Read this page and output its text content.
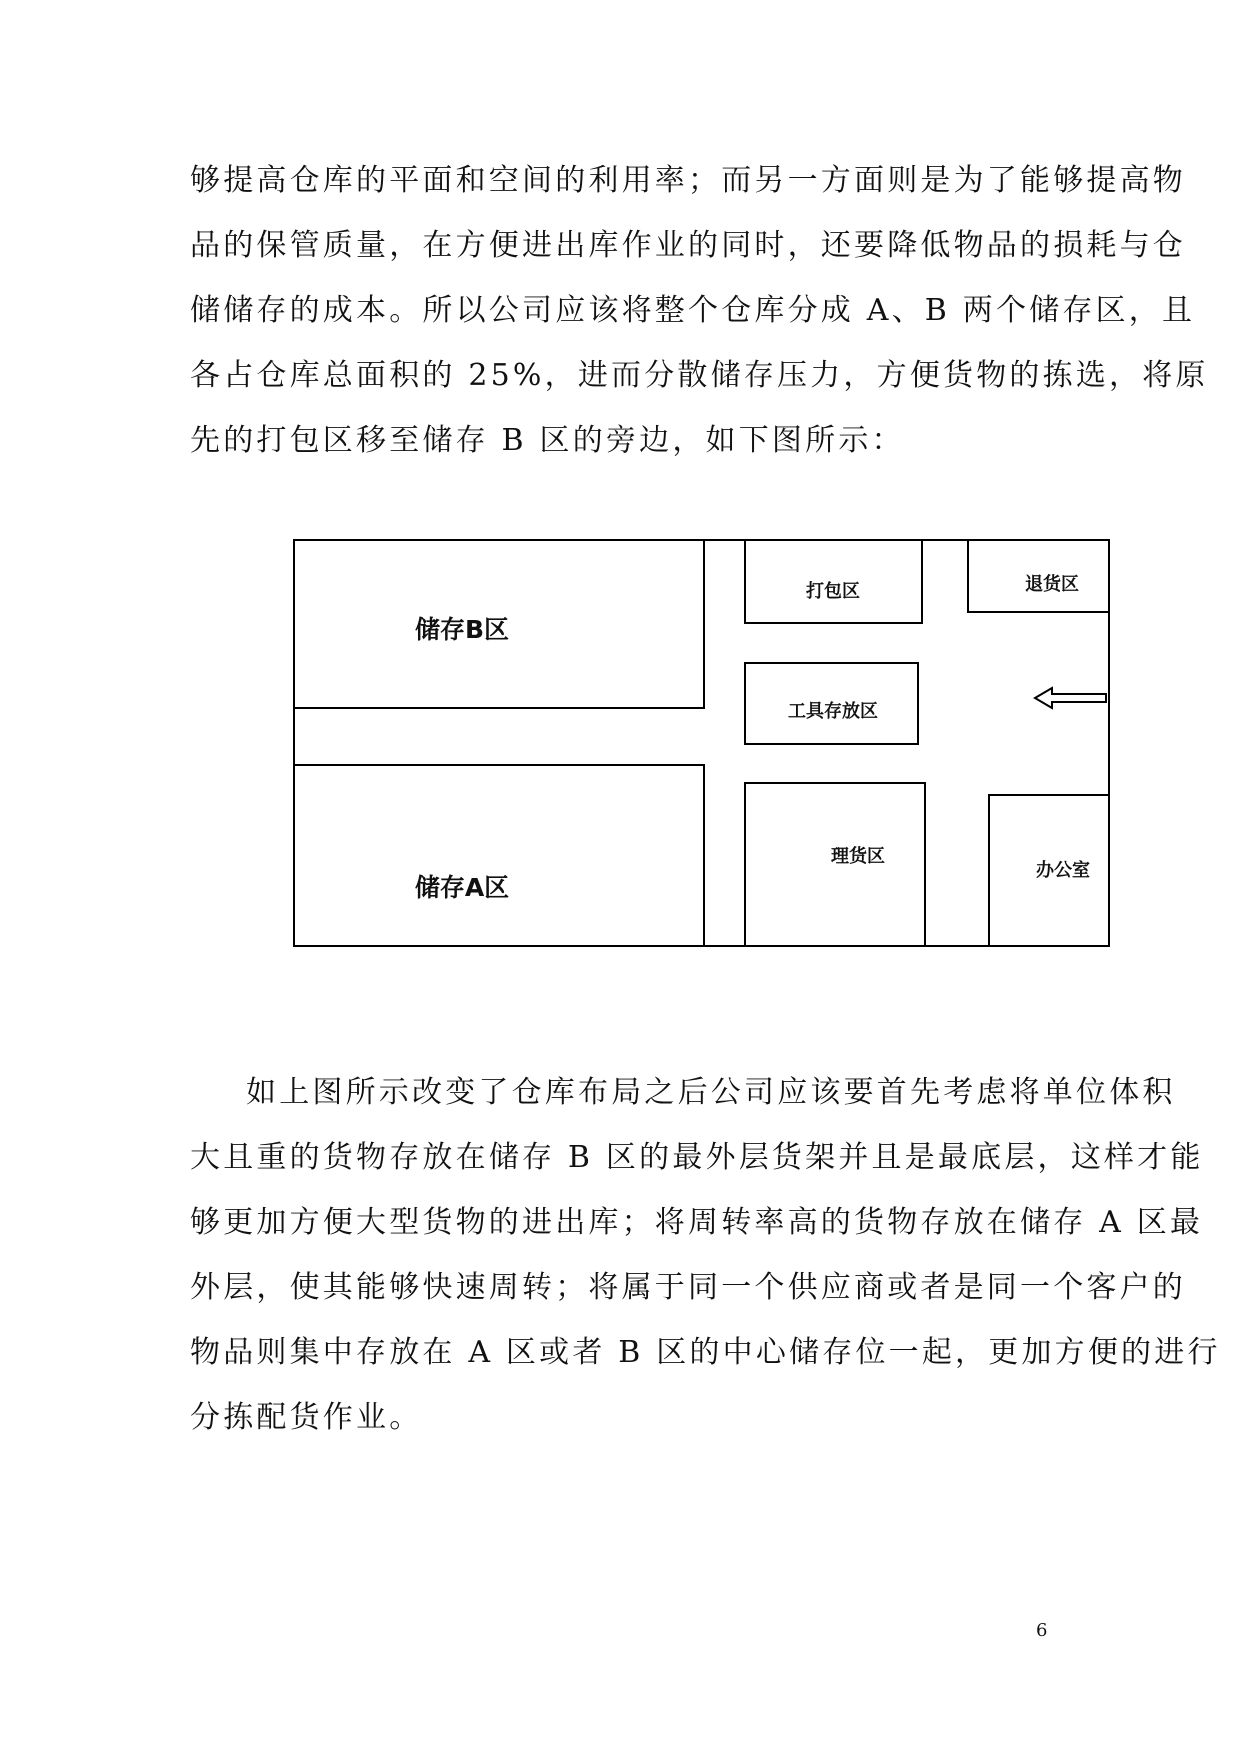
够提高仓库的平面和空间的利用率；而另一方面则是为了能够提高物
品的保管质量，在方便进出库作业的同时，还要降低物品的损耗与仓
储储存的成本。所以公司应该将整个仓库分成 A、B 两个储存区，且
各占仓库总面积的 25%，进而分散储存压力，方便货物的拣选，将原
先的打包区移至储存 B 区的旁边，如下图所示：
储存B区
储存A区
打包区	退货区
工具存放区
理货区
办公室
如上图所示改变了仓库布局之后公司应该要首先考虑将单位体积
大且重的货物存放在储存 B 区的最外层货架并且是最底层，这样才能
够更加方便大型货物的进出库；将周转率高的货物存放在储存 A 区最
外层，使其能够快速周转；将属于同一个供应商或者是同一个客户的
物品则集中存放在 A 区或者 B 区的中心储存位一起，更加方便的进行
分拣配货作业。
6
